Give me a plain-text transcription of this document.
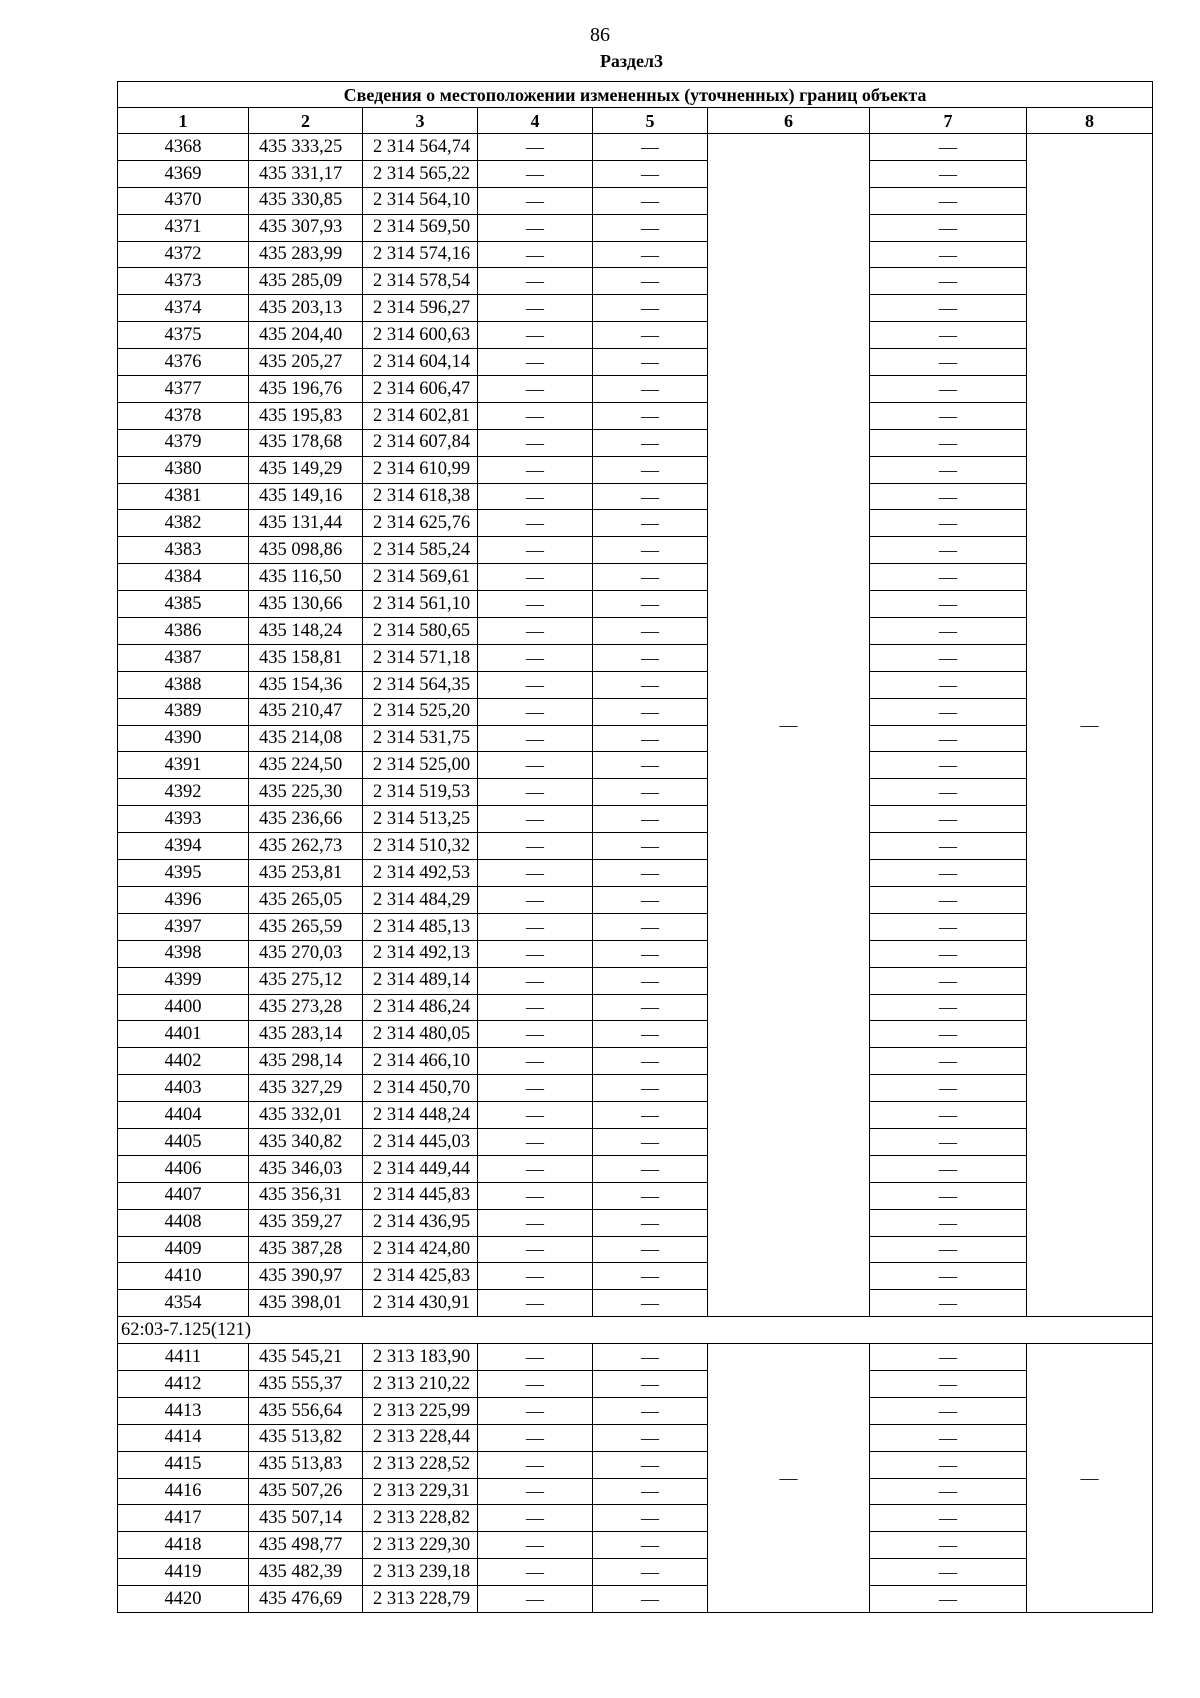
86
Раздел3
Сведения о местоположении измененных (уточненных) границ объекта							
1	2	3	4	5	6	7	8
4368	435 333,25	2 314 564,74	—	—	—	—	—
4369	435 331,17	2 314 565,22	—	—		—	
4370	435 330,85	2 314 564,10	—	—		—	
4371	435 307,93	2 314 569,50	—	—		—	
4372	435 283,99	2 314 574,16	—	—		—	
4373	435 285,09	2 314 578,54	—	—		—	
4374	435 203,13	2 314 596,27	—	—		—	
4375	435 204,40	2 314 600,63	—	—		—	
4376	435 205,27	2 314 604,14	—	—		—	
4377	435 196,76	2 314 606,47	—	—		—	
4378	435 195,83	2 314 602,81	—	—		—	
4379	435 178,68	2 314 607,84	—	—		—	
4380	435 149,29	2 314 610,99	—	—		—	
4381	435 149,16	2 314 618,38	—	—		—	
4382	435 131,44	2 314 625,76	—	—		—	
4383	435 098,86	2 314 585,24	—	—		—	
4384	435 116,50	2 314 569,61	—	—		—	
4385	435 130,66	2 314 561,10	—	—		—	
4386	435 148,24	2 314 580,65	—	—		—	
4387	435 158,81	2 314 571,18	—	—		—	
4388	435 154,36	2 314 564,35	—	—		—	
4389	435 210,47	2 314 525,20	—	—		—	
4390	435 214,08	2 314 531,75	—	—		—	
4391	435 224,50	2 314 525,00	—	—		—	
4392	435 225,30	2 314 519,53	—	—		—	
4393	435 236,66	2 314 513,25	—	—		—	
4394	435 262,73	2 314 510,32	—	—		—	
4395	435 253,81	2 314 492,53	—	—		—	
4396	435 265,05	2 314 484,29	—	—		—	
4397	435 265,59	2 314 485,13	—	—		—	
4398	435 270,03	2 314 492,13	—	—		—	
4399	435 275,12	2 314 489,14	—	—		—	
4400	435 273,28	2 314 486,24	—	—		—	
4401	435 283,14	2 314 480,05	—	—		—	
4402	435 298,14	2 314 466,10	—	—		—	
4403	435 327,29	2 314 450,70	—	—		—	
4404	435 332,01	2 314 448,24	—	—		—	
4405	435 340,82	2 314 445,03	—	—		—	
4406	435 346,03	2 314 449,44	—	—		—	
4407	435 356,31	2 314 445,83	—	—		—	
4408	435 359,27	2 314 436,95	—	—		—	
4409	435 387,28	2 314 424,80	—	—		—	
4410	435 390,97	2 314 425,83	—	—		—	
4354	435 398,01	2 314 430,91	—	—		—	
62:03-7.125(121)							
4411	435 545,21	2 313 183,90	—	—	—	—	—
4412	435 555,37	2 313 210,22	—	—		—	
4413	435 556,64	2 313 225,99	—	—		—	
4414	435 513,82	2 313 228,44	—	—		—	
4415	435 513,83	2 313 228,52	—	—		—	
4416	435 507,26	2 313 229,31	—	—		—	
4417	435 507,14	2 313 228,82	—	—		—	
4418	435 498,77	2 313 229,30	—	—		—	
4419	435 482,39	2 313 239,18	—	—		—	
4420	435 476,69	2 313 228,79	—	—		—	
